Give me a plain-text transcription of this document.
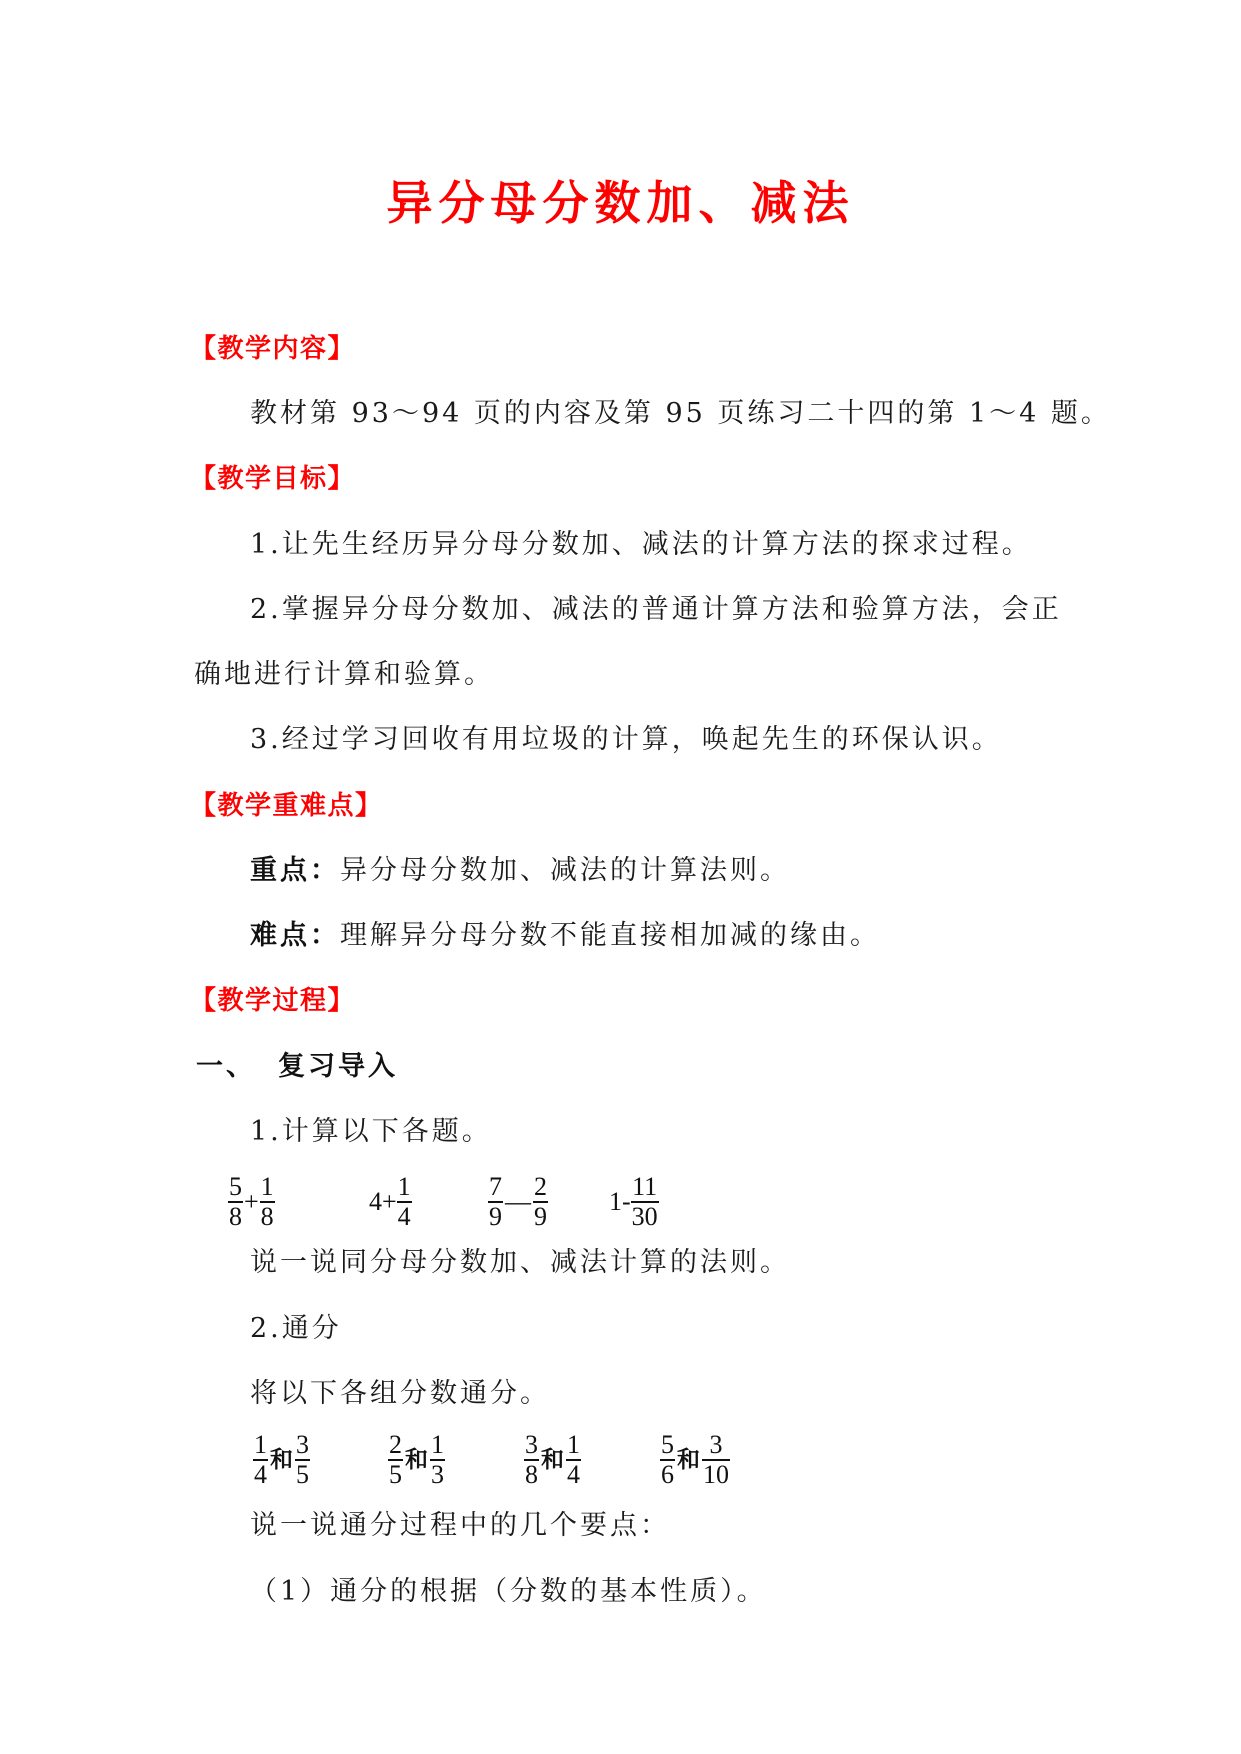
异分母分数加、减法
【教学内容】
教材第 93～94 页的内容及第 95 页练习二十四的第 1～4 题。
【教学目标】
1.让先生经历异分母分数加、减法的计算方法的探求过程。
2.掌握异分母分数加、减法的普通计算方法和验算方法，会正
确地进行计算和验算。
3.经过学习回收有用垃圾的计算，唤起先生的环保认识。
【教学重难点】
重点：异分母分数加、减法的计算法则。
难点：理解异分母分数不能直接相加减的缘由。
【教学过程】
一、 复习导入
1.计算以下各题。
$\frac{5}{8} + \frac{1}{8}$	$4+ \frac{1}{4}$	$\frac{7}{9}$ — $\frac{2}{9} 1- \frac{11}{30}$
说一说同分母分数加、减法计算的法则。
2.通分
将以下各组分数通分。
$\frac{1}{4}$ 和 $\frac{3}{5}$	$\frac{2}{5}$ 和 $\frac{1}{3}$	$\frac{3}{8}$ 和 $\frac{1}{4}$	$\frac{5}{6}$ 和 $\frac{3}{10}$
说一说通分过程中的几个要点：
（1）通分的根据（分数的基本性质）。
